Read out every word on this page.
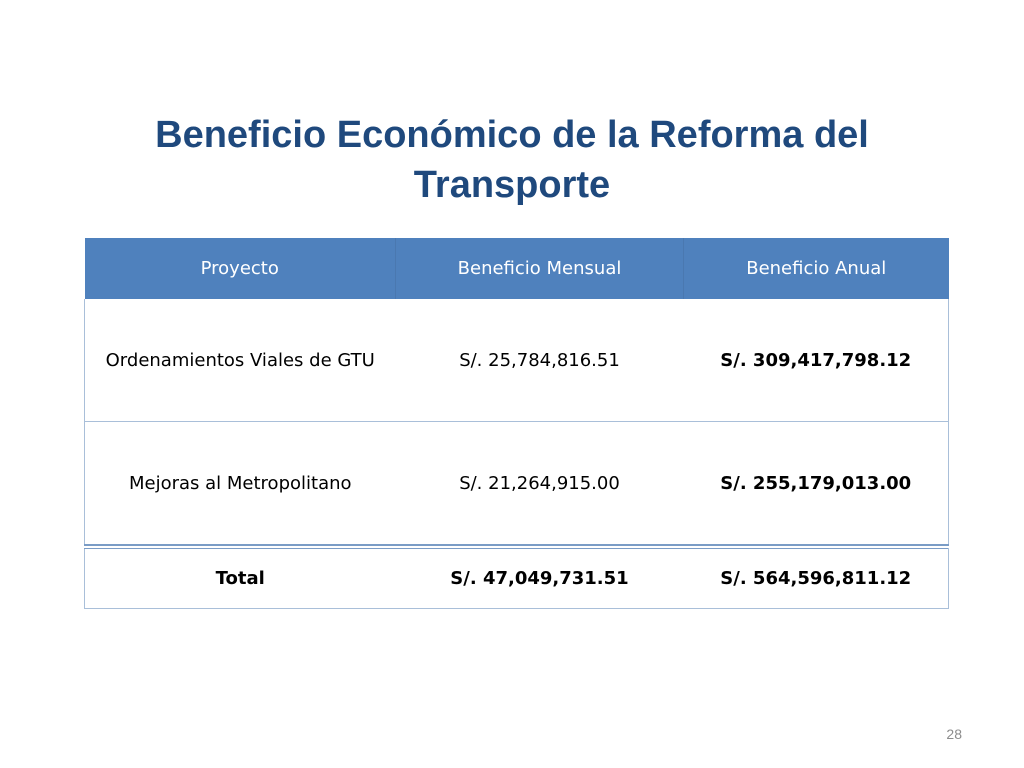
Beneficio Económico de la Reforma del
Transporte
Proyecto	Beneficio Mensual	Beneficio Anual
Ordenamientos Viales de GTU	S/. 25,784,816.51	S/. 309,417,798.12
Mejoras al Metropolitano	S/. 21,264,915.00	S/. 255,179,013.00
Total	S/. 47,049,731.51	S/. 564,596,811.12
28
